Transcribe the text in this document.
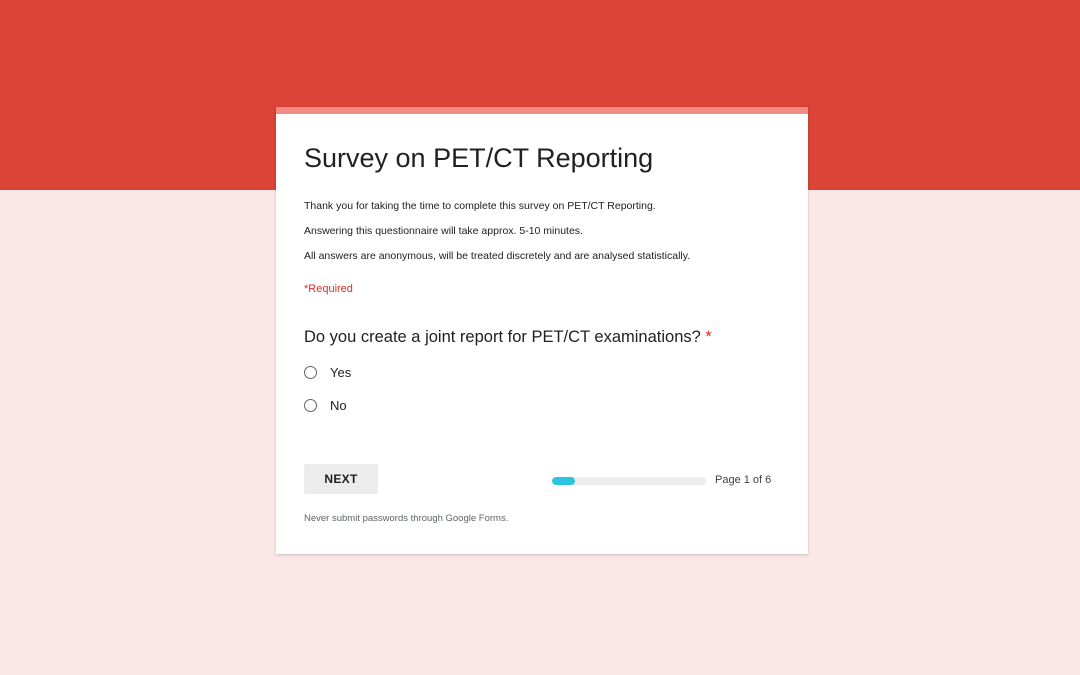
Survey on PET/CT Reporting
Thank you for taking the time to complete this survey on PET/CT Reporting.
Answering this questionnaire will take approx. 5-10 minutes.
All answers are anonymous, will be treated discretely and are analysed statistically.
*Required
Do you create a joint report for PET/CT examinations? *
Yes
No
NEXT	Page 1 of 6
Never submit passwords through Google Forms.
